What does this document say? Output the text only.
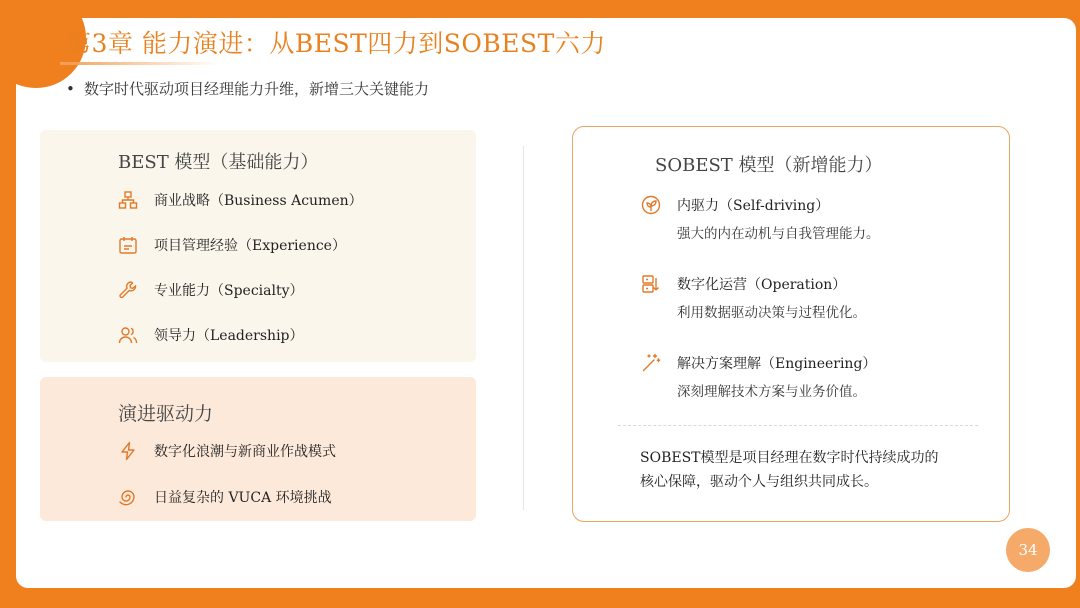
第3章 能力演进：从BEST四力到SOBEST六力
• 数字时代驱动项目经理能力升维，新增三大关键能力
BEST 模型（基础能力）
商业战略（Business Acumen）
项目管理经验（Experience）
专业能力（Specialty）
领导力（Leadership）
演进驱动力
数字化浪潮与新商业作战模式
日益复杂的 VUCA 环境挑战
SOBEST 模型（新增能力）
内驱力（Self-driving）
强大的内在动机与自我管理能力。
数字化运营（Operation）
利用数据驱动决策与过程优化。
解决方案理解（Engineering）
深刻理解技术方案与业务价值。
SOBEST模型是项目经理在数字时代持续成功的
核心保障，驱动个人与组织共同成长。
34
